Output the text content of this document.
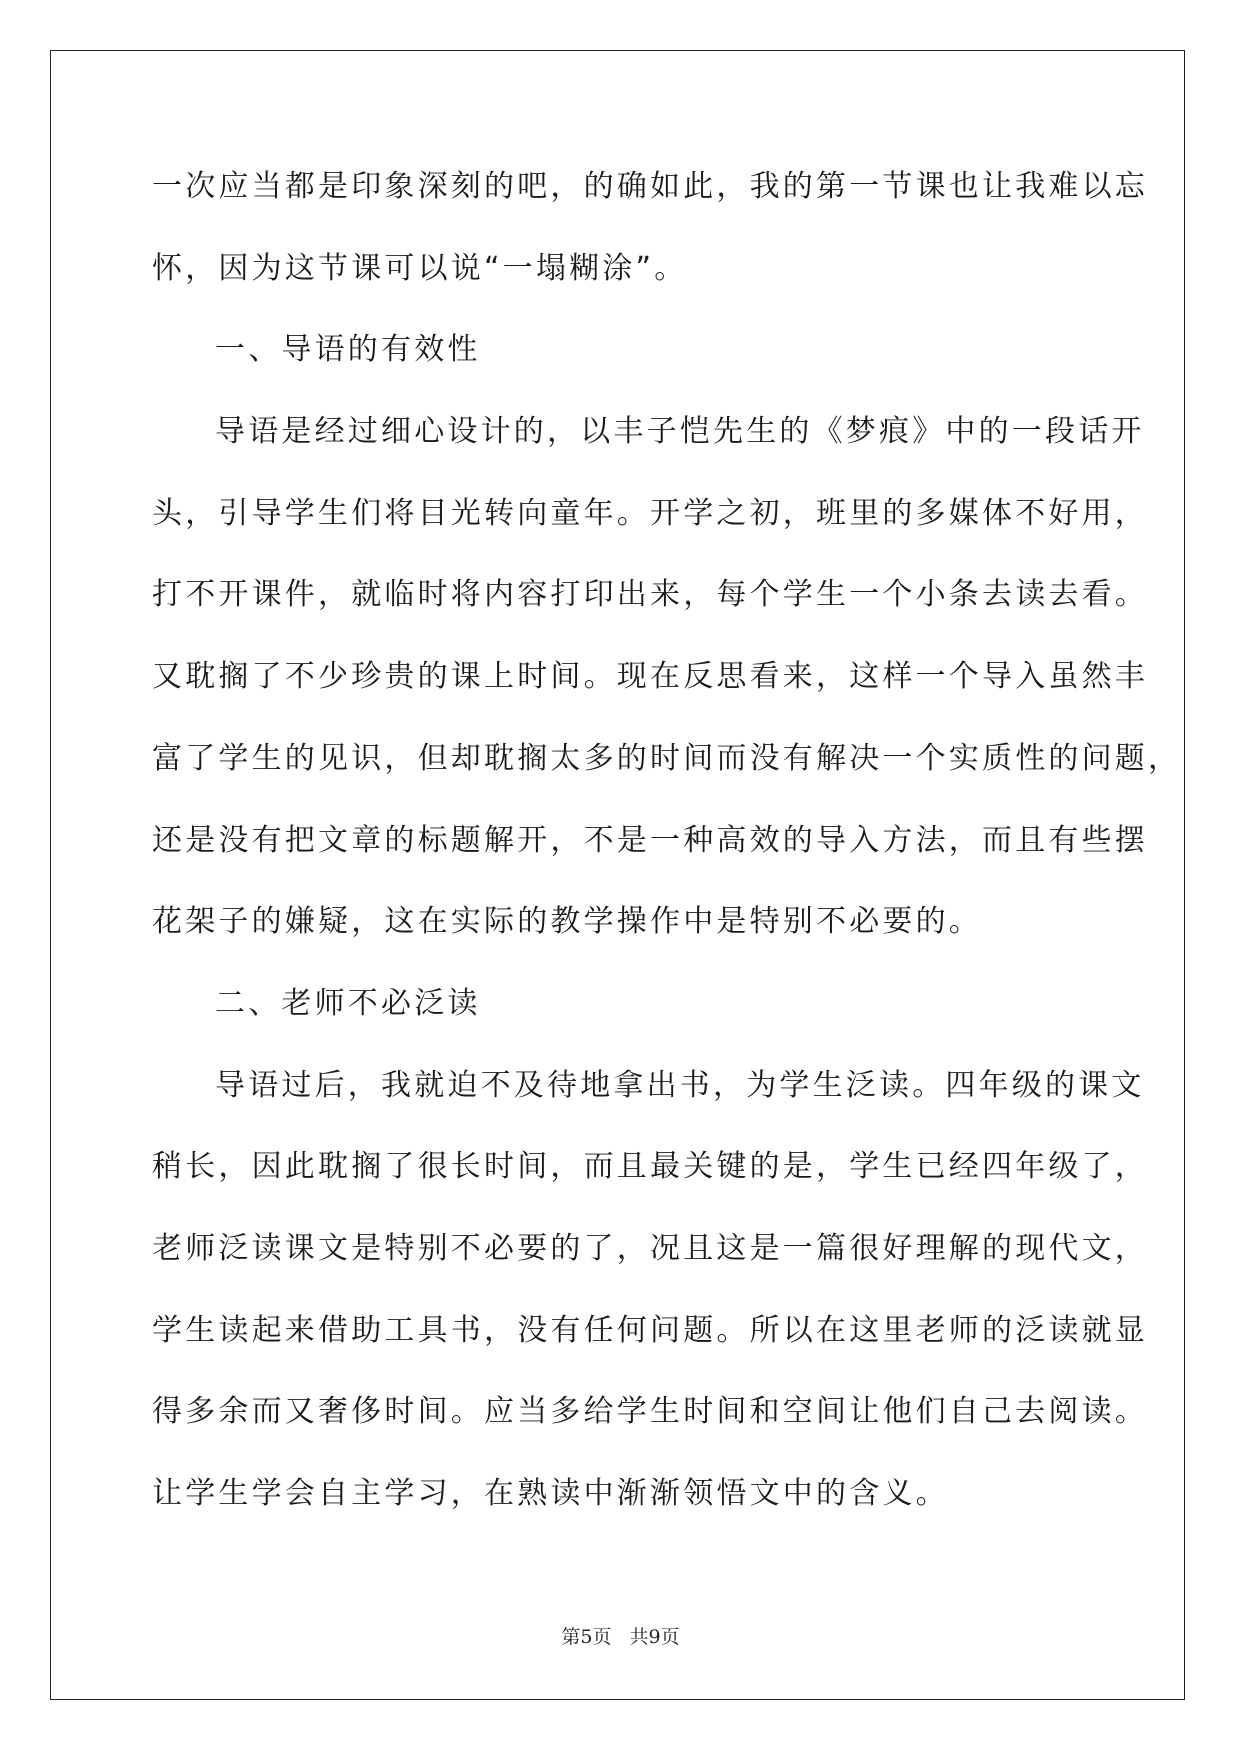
一次应当都是印象深刻的吧，的确如此，我的第一节课也让我难以忘
怀，因为这节课可以说“一塌糊涂”。
一、导语的有效性
导语是经过细心设计的，以丰子恺先生的《梦痕》中的一段话开
头，引导学生们将目光转向童年。开学之初，班里的多媒体不好用，
打不开课件，就临时将内容打印出来，每个学生一个小条去读去看。
又耽搁了不少珍贵的课上时间。现在反思看来，这样一个导入虽然丰
富了学生的见识，但却耽搁太多的时间而没有解决一个实质性的问题，
还是没有把文章的标题解开，不是一种高效的导入方法，而且有些摆
花架子的嫌疑，这在实际的教学操作中是特别不必要的。
二、老师不必泛读
导语过后，我就迫不及待地拿出书，为学生泛读。四年级的课文
稍长，因此耽搁了很长时间，而且最关键的是，学生已经四年级了，
老师泛读课文是特别不必要的了，况且这是一篇很好理解的现代文，
学生读起来借助工具书，没有任何问题。所以在这里老师的泛读就显
得多余而又奢侈时间。应当多给学生时间和空间让他们自己去阅读。
让学生学会自主学习，在熟读中渐渐领悟文中的含义。
第5页 共9页
